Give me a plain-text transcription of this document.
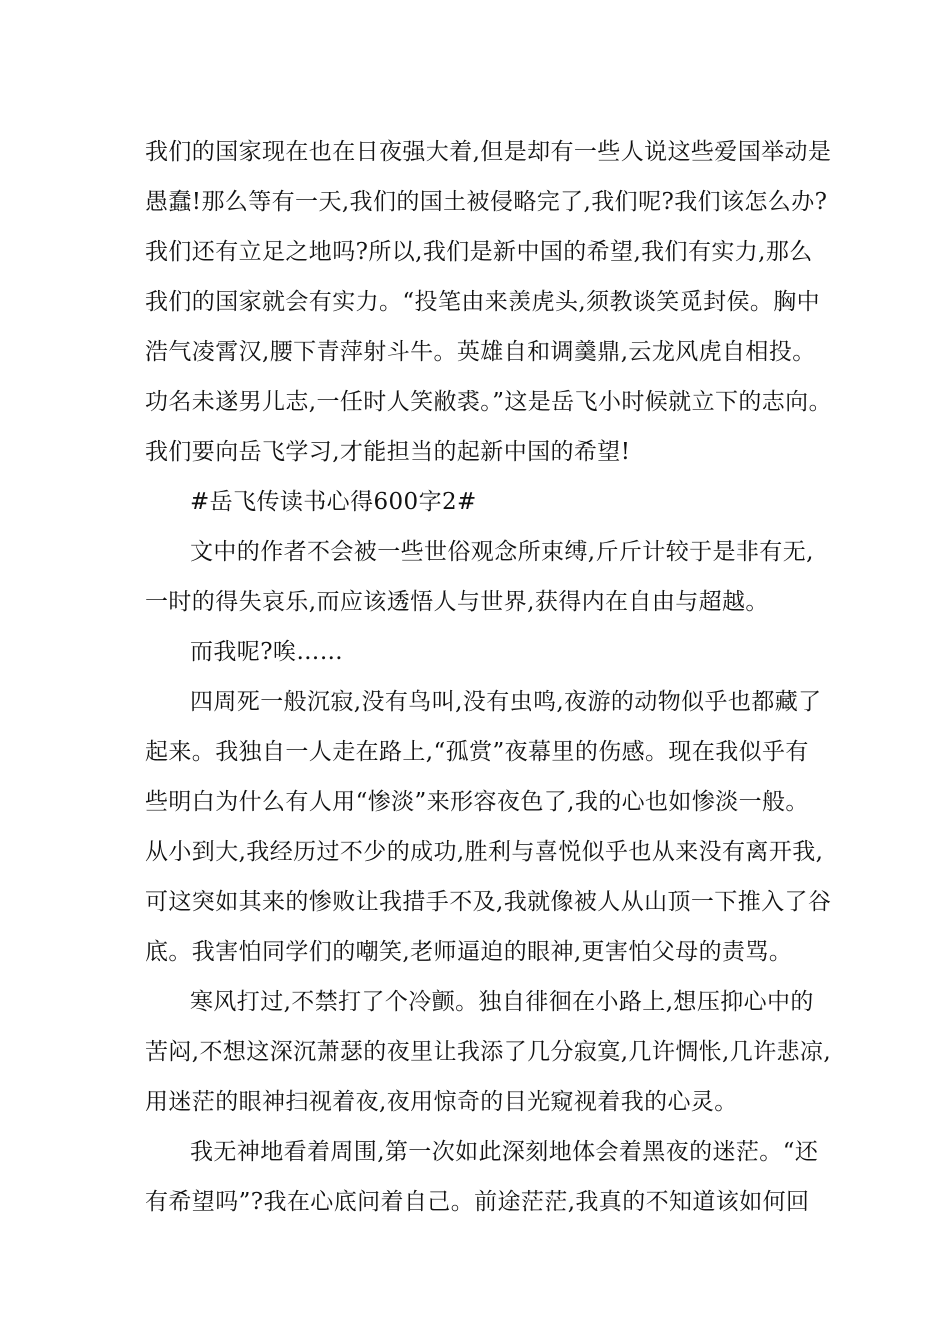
我们的国家现在也在日夜强大着,但是却有一些人说这些爱国举动是
愚蠢!那么等有一天,我们的国土被侵略完了,我们呢?我们该怎么办?
我们还有立足之地吗?所以,我们是新中国的希望,我们有实力,那么
我们的国家就会有实力。“投笔由来羡虎头,须教谈笑觅封侯。胸中
浩气凌霄汉,腰下青萍射斗牛。英雄自和调羹鼎,云龙风虎自相投。
功名未遂男儿志,一任时人笑敝裘。”这是岳飞小时候就立下的志向。
我们要向岳飞学习,才能担当的起新中国的希望!
#岳飞传读书心得600字2#
文中的作者不会被一些世俗观念所束缚,斤斤计较于是非有无,
一时的得失哀乐,而应该透悟人与世界,获得内在自由与超越。
而我呢?唉……
四周死一般沉寂,没有鸟叫,没有虫鸣,夜游的动物似乎也都藏了
起来。我独自一人走在路上,“孤赏”夜幕里的伤感。现在我似乎有
些明白为什么有人用“惨淡”来形容夜色了,我的心也如惨淡一般。
从小到大,我经历过不少的成功,胜利与喜悦似乎也从来没有离开我,
可这突如其来的惨败让我措手不及,我就像被人从山顶一下推入了谷
底。我害怕同学们的嘲笑,老师逼迫的眼神,更害怕父母的责骂。
寒风打过,不禁打了个冷颤。独自徘徊在小路上,想压抑心中的
苦闷,不想这深沉萧瑟的夜里让我添了几分寂寞,几许惆怅,几许悲凉,
用迷茫的眼神扫视着夜,夜用惊奇的目光窥视着我的心灵。
我无神地看着周围,第一次如此深刻地体会着黑夜的迷茫。“还
有希望吗”?我在心底问着自己。前途茫茫,我真的不知道该如何回
